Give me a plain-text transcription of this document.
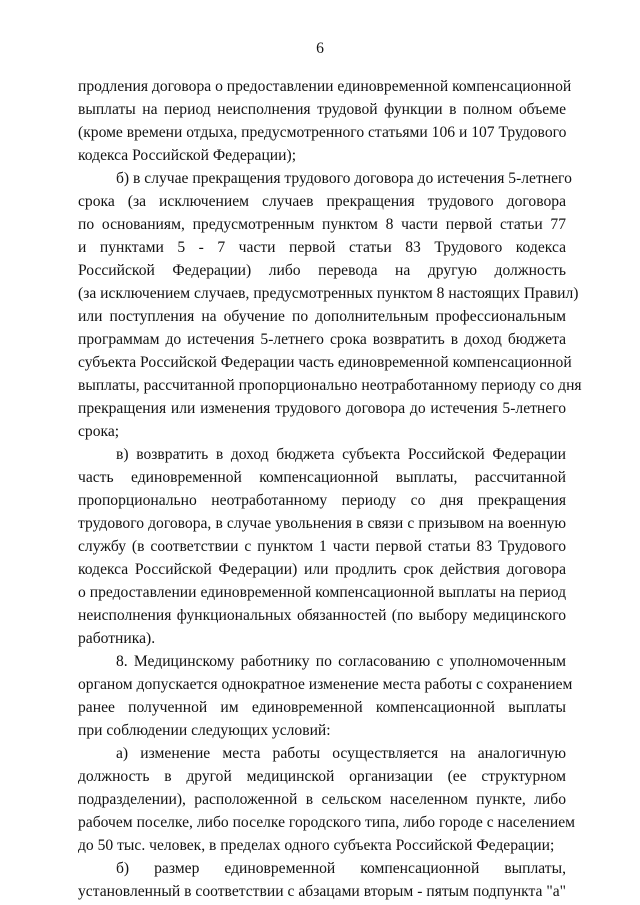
6
продления договора о предоставлении единовременной компенсационной
выплаты на период неисполнения трудовой функции в полном объеме
(кроме времени отдыха, предусмотренного статьями 106 и 107 Трудового
кодекса Российской Федерации);
б) в случае прекращения трудового договора до истечения 5-летнего
срока (за исключением случаев прекращения трудового договора
по основаниям, предусмотренным пунктом 8 части первой статьи 77
и пунктами 5 - 7 части первой статьи 83 Трудового кодекса
Российской Федерации) либо перевода на другую должность
(за исключением случаев, предусмотренных пунктом 8 настоящих Правил)
или поступления на обучение по дополнительным профессиональным
программам до истечения 5-летнего срока возвратить в доход бюджета
субъекта Российской Федерации часть единовременной компенсационной
выплаты, рассчитанной пропорционально неотработанному периоду со дня
прекращения или изменения трудового договора до истечения 5-летнего
срока;
в) возвратить в доход бюджета субъекта Российской Федерации
часть единовременной компенсационной выплаты, рассчитанной
пропорционально неотработанному периоду со дня прекращения
трудового договора, в случае увольнения в связи с призывом на военную
службу (в соответствии с пунктом 1 части первой статьи 83 Трудового
кодекса Российской Федерации) или продлить срок действия договора
о предоставлении единовременной компенсационной выплаты на период
неисполнения функциональных обязанностей (по выбору медицинского
работника).
8. Медицинскому работнику по согласованию с уполномоченным
органом допускается однократное изменение места работы с сохранением
ранее полученной им единовременной компенсационной выплаты
при соблюдении следующих условий:
а) изменение места работы осуществляется на аналогичную
должность в другой медицинской организации (ее структурном
подразделении), расположенной в сельском населенном пункте, либо
рабочем поселке, либо поселке городского типа, либо городе с населением
до 50 тыс. человек, в пределах одного субъекта Российской Федерации;
б) размер единовременной компенсационной выплаты,
установленный в соответствии с абзацами вторым - пятым подпункта "а"
